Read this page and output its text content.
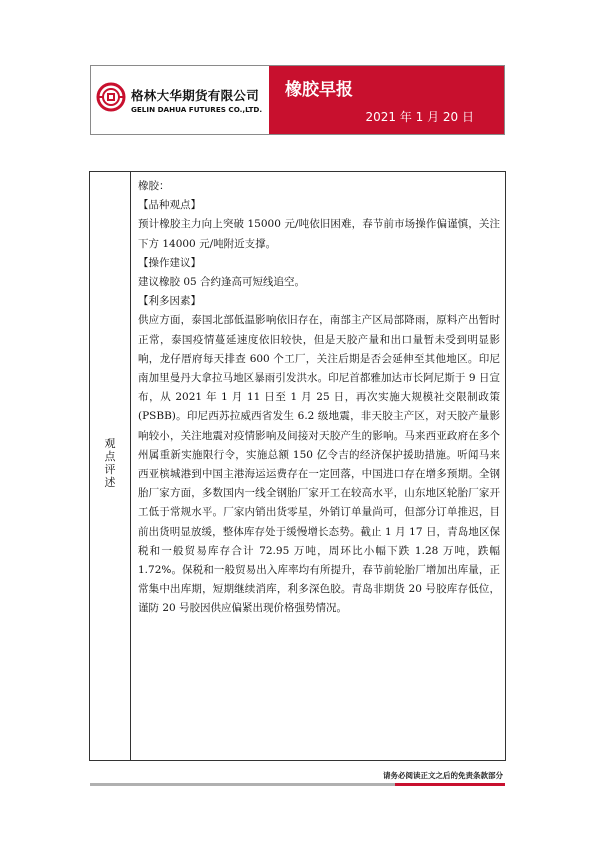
格林大华期货有限公司
GELIN DAHUA FUTURES CO.,LTD.
橡胶早报
2021 年 1 月 20 日
观点评述

橡胶：

【品种观点】

预计橡胶主力向上突破 15000 元/吨依旧困难，春节前市场操作偏谨慎，关注下方 14000 元/吨附近支撑。

【操作建议】

建议橡胶 05 合约逢高可短线追空。

【利多因素】

供应方面，泰国北部低温影响依旧存在，南部主产区局部降雨，原料产出暂时正常，泰国疫情蔓延速度依旧较快，但是天胶产量和出口量暂未受到明显影响，龙仔厝府每天排查 600 个工厂，关注后期是否会延伸至其他地区。印尼南加里曼丹大拿拉马地区暴雨引发洪水。印尼首都雅加达市长阿尼斯于 9 日宣布，从 2021 年 1 月 11 日至 1 月 25 日，再次实施大规模社交限制政策(PSBB)。印尼西苏拉威西省发生 6.2 级地震，非天胶主产区，对天胶产量影响较小，关注地震对疫情影响及间接对天胶产生的影响。马来西亚政府在多个州属重新实施限行令，实施总额 150 亿令吉的经济保护援助措施。听闻马来西亚槟城港到中国主港海运运费存在一定回落，中国进口存在增多预期。全钢胎厂家方面，多数国内一线全钢胎厂家开工在较高水平，山东地区轮胎厂家开工低于常规水平。厂家内销出货零星，外销订单量尚可，但部分订单推迟，目前出货明显放缓，整体库存处于缓慢增长态势。截止 1 月 17 日，青岛地区保税和一般贸易库存合计 72.95 万吨，周环比小幅下跌 1.28 万吨，跌幅 1.72%。保税和一般贸易出入库率均有所提升，春节前轮胎厂增加出库量，正常集中出库期，短期继续消库，利多深色胶。青岛非期货 20 号胶库存低位，谨防 20 号胶因供应偏紧出现价格强势情况。

请务必阅读正文之后的免责条款部分
